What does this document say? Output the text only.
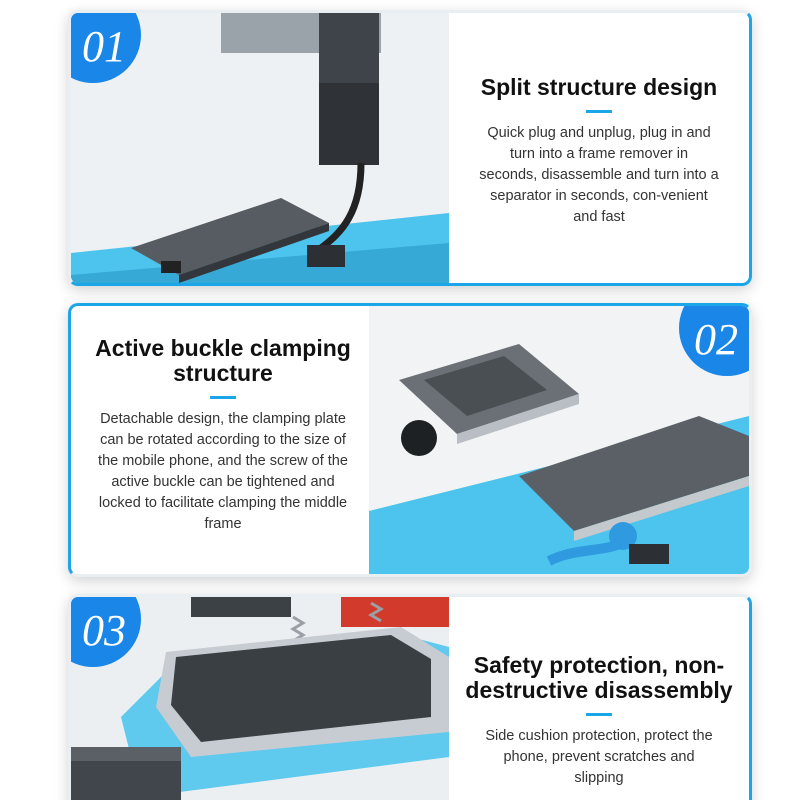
Split structure design
Quick plug and unplug, plug in and turn into a frame remover in seconds, disassemble and turn into a separator in seconds, con-venient and fast
01
Active buckle clamping structure
Detachable design, the clamping plate can be rotated according to the size of the mobile phone, and the screw of the active buckle can be tightened and locked to facilitate clamping the middle frame
02
Safety protection, non-destructive disassembly
Side cushion protection, protect the phone, prevent scratches and slipping
03
